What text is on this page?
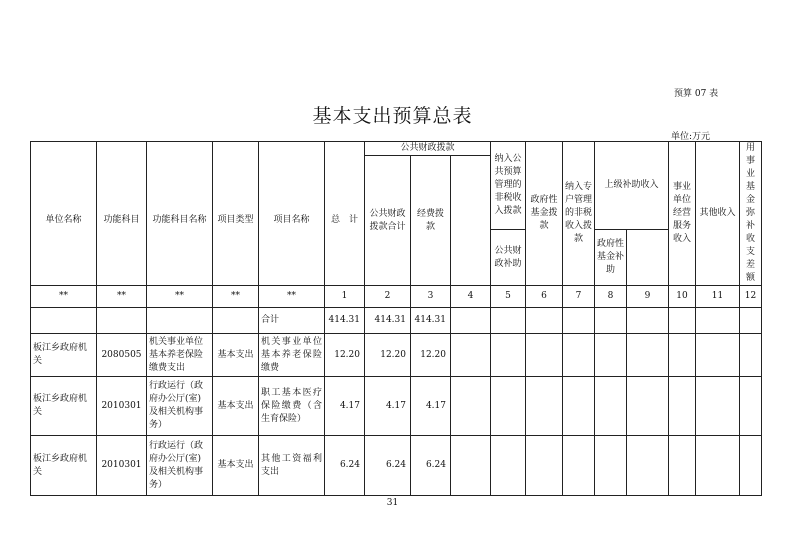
预算 07 表
基本支出预算总表
单位:万元
						公共财政拨款			纳入公共预算管理的非税收入拨款	政府性基金拨款	纳入专户管理的非税收入拨款	上级补助收入		事业单位经营服务收入	其他收入	用事业基金弥补收支差额	
单位名称	功能科目	功能科目名称	项目类型	项目名称	总　计	公共财政拨款合计	经费拨款										
									公共财政补助			政府性基金补助					
**	**	**	**	**	1	2	3	4	5	6	7	8	9	10	11	12	
				合计	414.31	414.31	414.31										
板江乡政府机关	2080505	机关事业单位基本养老保险缴费支出	基本支出	机关事业单位基本养老保险缴费	12.20	12.20	12.20										
板江乡政府机关	2010301	行政运行（政府办公厅(室)及相关机构事务）	基本支出	职工基本医疗保险缴费（含生育保险）	4.17	4.17	4.17										
板江乡政府机关	2010301	行政运行（政府办公厅(室)及相关机构事务）	基本支出	其他工资福利支出	6.24	6.24	6.24										
31
